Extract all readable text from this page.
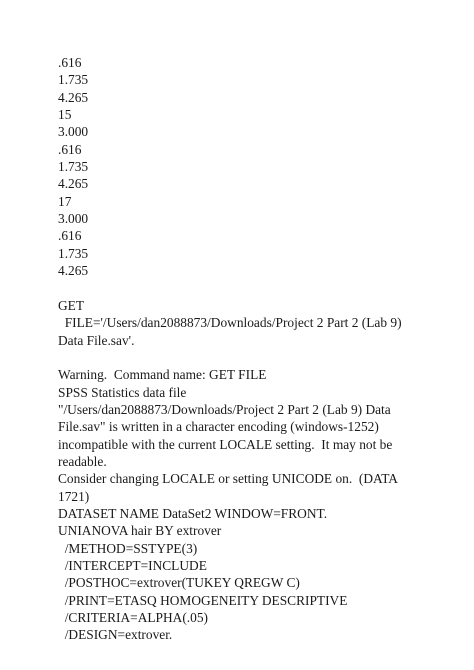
.616
1.735
4.265
15
3.000
.616
1.735
4.265
17
3.000
.616
1.735
4.265
GET
FILE='/Users/dan2088873/Downloads/Project 2 Part 2 (Lab 9)
Data File.sav'.
Warning.  Command name: GET FILE
SPSS Statistics data file
"/Users/dan2088873/Downloads/Project 2 Part 2 (Lab 9) Data
File.sav" is written in a character encoding (windows-1252)
incompatible with the current LOCALE setting.  It may not be
readable.
Consider changing LOCALE or setting UNICODE on.  (DATA
1721)
DATASET NAME DataSet2 WINDOW=FRONT.
UNIANOVA hair BY extrover
/METHOD=SSTYPE(3)
/INTERCEPT=INCLUDE
/POSTHOC=extrover(TUKEY QREGW C)
/PRINT=ETASQ HOMOGENEITY DESCRIPTIVE
/CRITERIA=ALPHA(.05)
/DESIGN=extrover.
